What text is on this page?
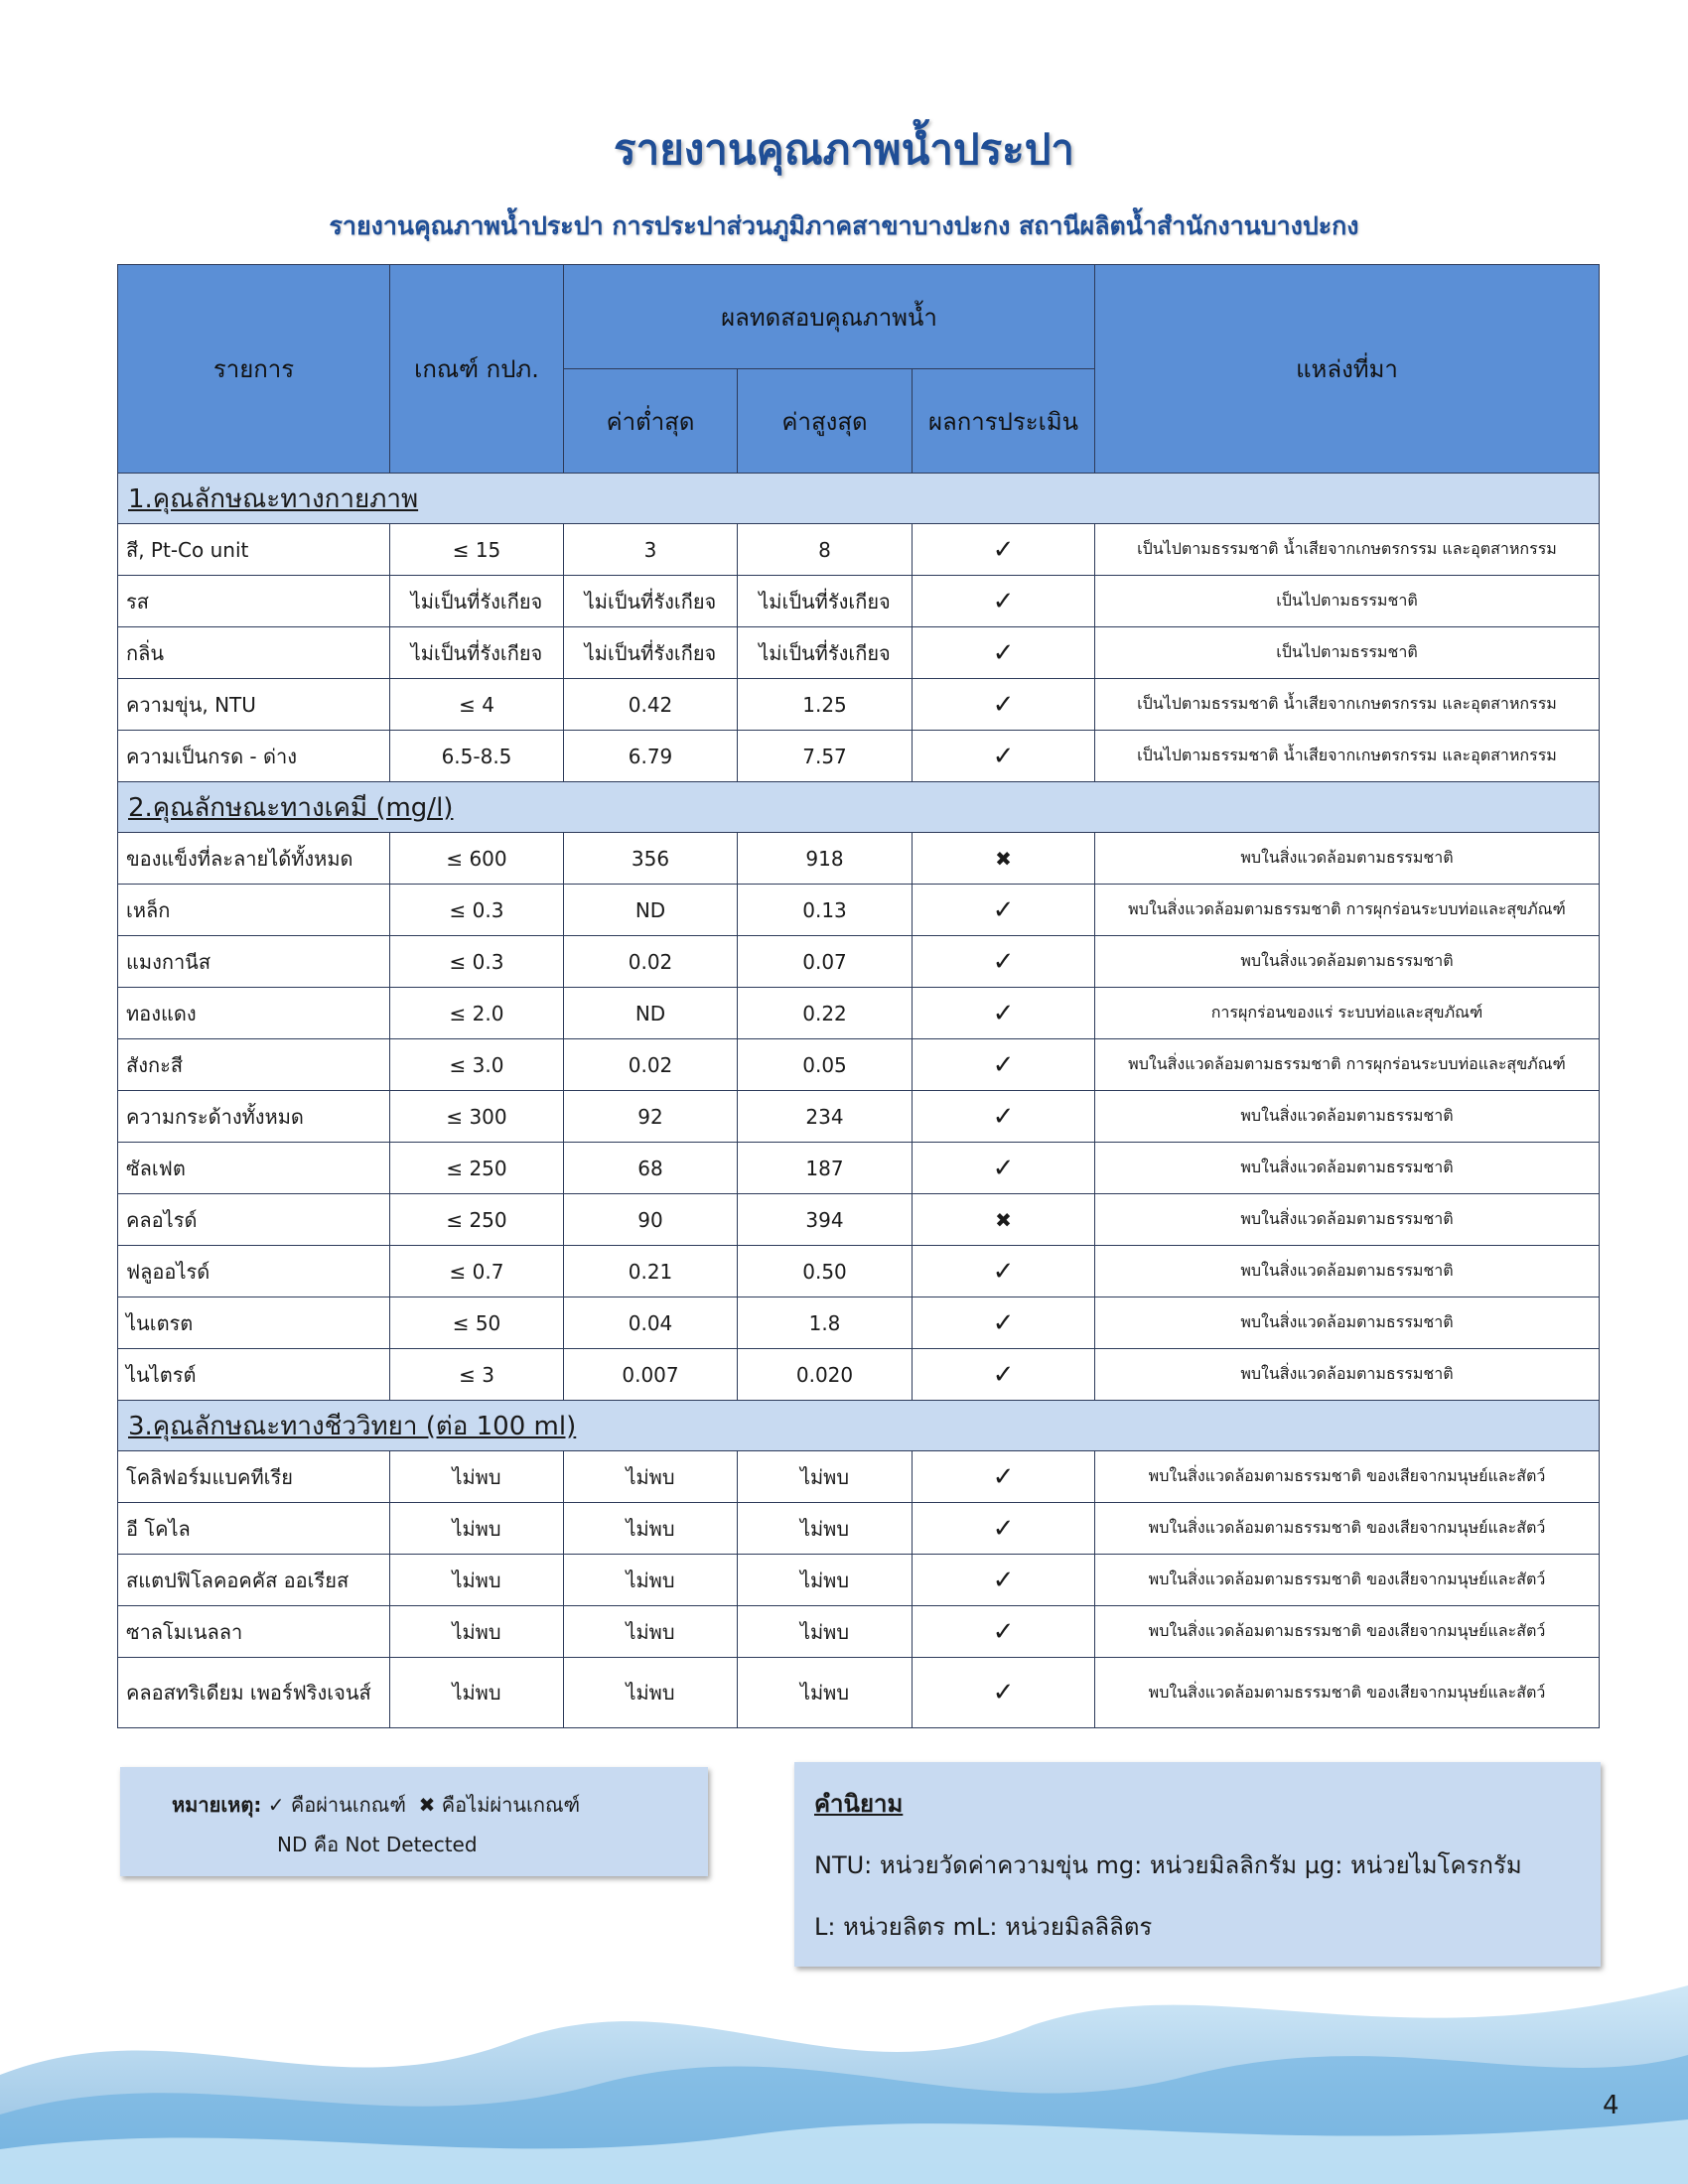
รายงานคุณภาพน้ำประปา
รายงานคุณภาพน้ำประปา การประปาส่วนภูมิภาคสาขาบางปะกง สถานีผลิตน้ำสำนักงานบางปะกง
รายการ	เกณฑ์ กปภ.	ผลทดสอบคุณภาพน้ำ			แหล่งที่มา
		ค่าต่ำสุด	ค่าสูงสุด	ผลการประเมิน	
1.คุณลักษณะทางกายภาพ					
สี, Pt-Co unit	≤ 15	3	8	✓	เป็นไปตามธรรมชาติ น้ำเสียจากเกษตรกรรม และอุตสาหกรรม
รส	ไม่เป็นที่รังเกียจ	ไม่เป็นที่รังเกียจ	ไม่เป็นที่รังเกียจ	✓	เป็นไปตามธรรมชาติ
กลิ่น	ไม่เป็นที่รังเกียจ	ไม่เป็นที่รังเกียจ	ไม่เป็นที่รังเกียจ	✓	เป็นไปตามธรรมชาติ
ความขุ่น, NTU	≤ 4	0.42	1.25	✓	เป็นไปตามธรรมชาติ น้ำเสียจากเกษตรกรรม และอุตสาหกรรม
ความเป็นกรด - ด่าง	6.5-8.5	6.79	7.57	✓	เป็นไปตามธรรมชาติ น้ำเสียจากเกษตรกรรม และอุตสาหกรรม
2.คุณลักษณะทางเคมี (mg/l)					
ของแข็งที่ละลายได้ทั้งหมด	≤ 600	356	918	✖	พบในสิ่งแวดล้อมตามธรรมชาติ
เหล็ก	≤ 0.3	ND	0.13	✓	พบในสิ่งแวดล้อมตามธรรมชาติ การผุกร่อนระบบท่อและสุขภัณฑ์
แมงกานีส	≤ 0.3	0.02	0.07	✓	พบในสิ่งแวดล้อมตามธรรมชาติ
ทองแดง	≤ 2.0	ND	0.22	✓	การผุกร่อนของแร่ ระบบท่อและสุขภัณฑ์
สังกะสี	≤ 3.0	0.02	0.05	✓	พบในสิ่งแวดล้อมตามธรรมชาติ การผุกร่อนระบบท่อและสุขภัณฑ์
ความกระด้างทั้งหมด	≤ 300	92	234	✓	พบในสิ่งแวดล้อมตามธรรมชาติ
ซัลเฟต	≤ 250	68	187	✓	พบในสิ่งแวดล้อมตามธรรมชาติ
คลอไรด์	≤ 250	90	394	✖	พบในสิ่งแวดล้อมตามธรรมชาติ
ฟลูออไรด์	≤ 0.7	0.21	0.50	✓	พบในสิ่งแวดล้อมตามธรรมชาติ
ไนเตรต	≤ 50	0.04	1.8	✓	พบในสิ่งแวดล้อมตามธรรมชาติ
ไนไตรต์	≤ 3	0.007	0.020	✓	พบในสิ่งแวดล้อมตามธรรมชาติ
3.คุณลักษณะทางชีววิทยา (ต่อ 100 ml)					
โคลิฟอร์มแบคทีเรีย	ไม่พบ	ไม่พบ	ไม่พบ	✓	พบในสิ่งแวดล้อมตามธรรมชาติ ของเสียจากมนุษย์และสัตว์
อี โคไล	ไม่พบ	ไม่พบ	ไม่พบ	✓	พบในสิ่งแวดล้อมตามธรรมชาติ ของเสียจากมนุษย์และสัตว์
สแตปฟิโลคอคคัส ออเรียส	ไม่พบ	ไม่พบ	ไม่พบ	✓	พบในสิ่งแวดล้อมตามธรรมชาติ ของเสียจากมนุษย์และสัตว์
ซาลโมเนลลา	ไม่พบ	ไม่พบ	ไม่พบ	✓	พบในสิ่งแวดล้อมตามธรรมชาติ ของเสียจากมนุษย์และสัตว์
คลอสทริเดียม เพอร์ฟริงเจนส์	ไม่พบ	ไม่พบ	ไม่พบ	✓	พบในสิ่งแวดล้อมตามธรรมชาติ ของเสียจากมนุษย์และสัตว์
หมายเหตุ: ✓ คือผ่านเกณฑ์ ✖ คือไม่ผ่านเกณฑ์
ND คือ Not Detected
คำนิยาม
NTU: หน่วยวัดค่าความขุ่น mg: หน่วยมิลลิกรัม µg: หน่วยไมโครกรัม
L: หน่วยลิตร mL: หน่วยมิลลิลิตร
4
